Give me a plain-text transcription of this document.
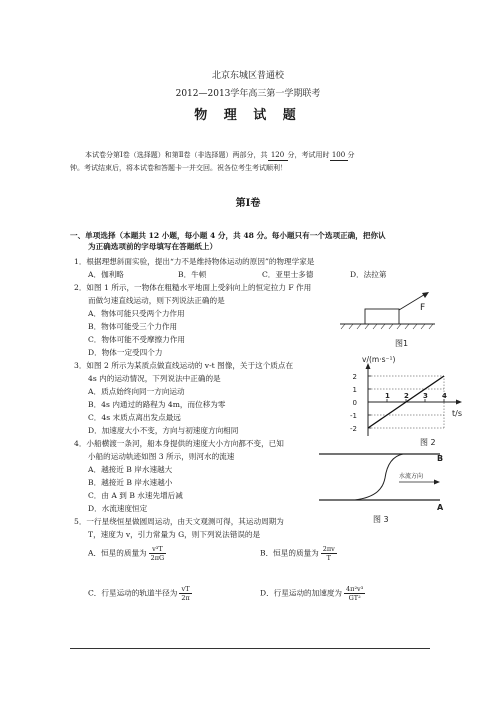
北京东城区普通校
2012—2013学年高三第一学期联考
物 理 试 题
本试卷分第Ⅰ卷（选择题）和第Ⅱ卷（非选择题）两部分，共 120 分，考试用时 100 分
钟。考试结束后，将本试卷和答题卡一并交回。祝各位考生考试顺利！
第Ⅰ卷
一、单项选择（本题共 12 小题，每小题 4 分，共 48 分。每小题只有一个选项正确，把你认
为正确选项前的字母填写在答题纸上）
1．根据理想斜面实验，提出“力不是维持物体运动的原因”的物理学家是
A．伽利略	B．牛顿	C．亚里士多德	D．法拉第
2．如图 1 所示，一物体在粗糙水平地面上受斜向上的恒定拉力 F 作用
而做匀速直线运动，则下列说法正确的是
A．物体可能只受两个力作用
B．物体可能受三个力作用
C．物体可能不受摩擦力作用
D．物体一定受四个力
F
图1
3．如图 2 所示为某质点做直线运动的 v-t 图像，关于这个质点在
4s 内的运动情况，下列说法中正确的是
A．质点始终向同一方向运动
B．4s 内通过的路程为 4m，而位移为零
C．4s 末质点离出发点最远
D．加速度大小不变，方向与初速度方向相同
v/(m·s⁻¹)
t/s
2
1
0
-1
-2
1 2 3 4
图 2
4．小船横渡一条河，船本身提供的速度大小方向都不变，已知
小船的运动轨迹如图 3 所示，则河水的流速
A．越接近 B 岸水速越大
B．越接近 B 岸水速越小
C．由 A 到 B 水速先增后减
D．水流速度恒定
水流方向
B
A
图 3
5．一行星绕恒星做圆周运动，由天文观测可得，其运动周期为
T，速度为 v，引力常量为 G，则下列说法错误的是
A．恒星的质量为 $\frac{\text{v³T}}{2\pi G}$	B．恒星的质量为 $\frac{2\pi v}{T}$
C．行星运动的轨道半径为 $\frac{vT}{2\pi}$	D．行星运动的加速度为 $\frac{\text{4π²v³}}{\text{GT²}}$
